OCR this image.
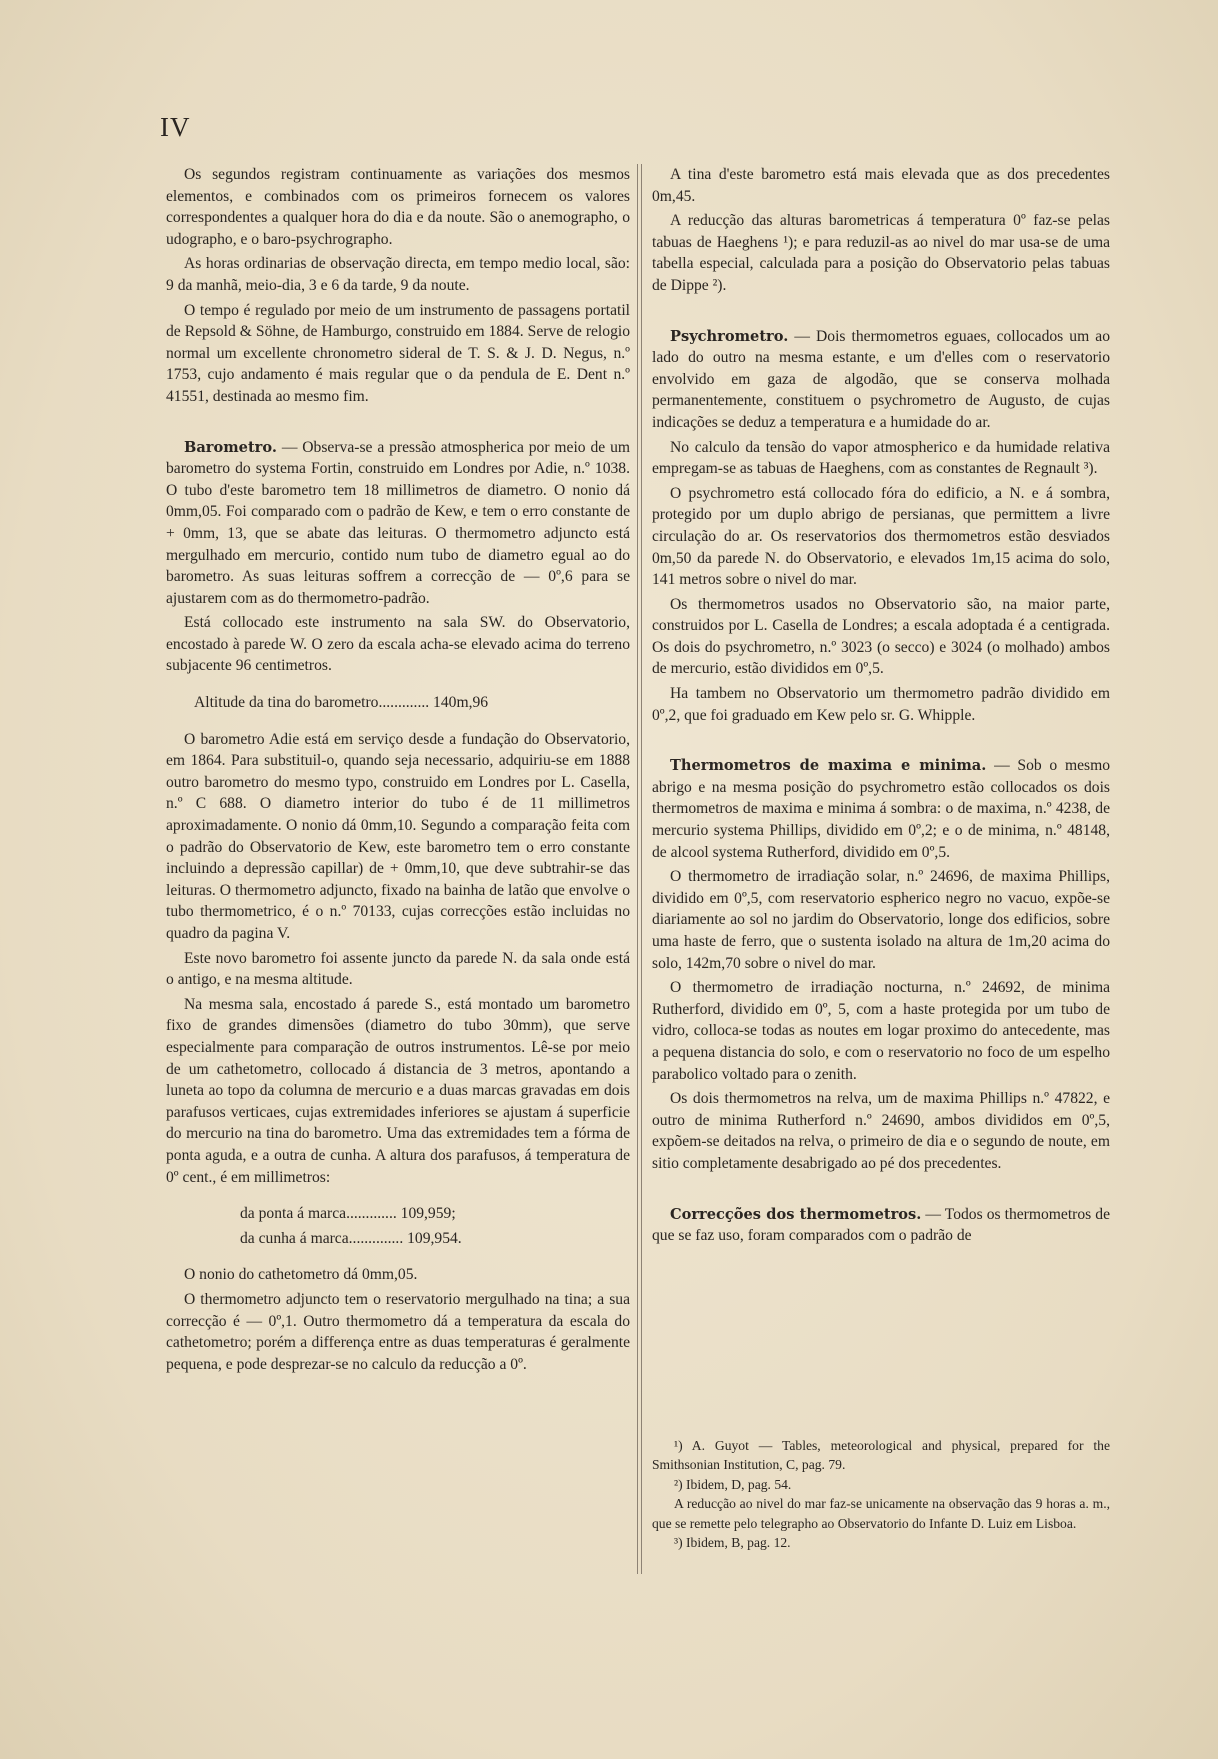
IV

Os segundos registram continuamente as variações dos mesmos elementos, e combinados com os primeiros fornecem os valores correspondentes a qualquer hora do dia e da noute. São o anemographo, o udographo, e o baro-psychrographo.

As horas ordinarias de observação directa, em tempo medio local, são: 9 da manhã, meio-dia, 3 e 6 da tarde, 9 da noute.

O tempo é regulado por meio de um instrumento de passagens portatil de Repsold & Söhne, de Hamburgo, construido em 1884. Serve de relogio normal um excellente chronometro sideral de T. S. & J. D. Negus, n.º 1753, cujo andamento é mais regular que o da pendula de E. Dent n.º 41551, destinada ao mesmo fim.

Barometro. — Observa-se a pressão atmospherica por meio de um barometro do systema Fortin, construido em Londres por Adie, n.º 1038. O tubo d'este barometro tem 18 millimetros de diametro. O nonio dá 0mm,05. Foi comparado com o padrão de Kew, e tem o erro constante de + 0mm, 13, que se abate das leituras. O thermometro adjuncto está mergulhado em mercurio, contido num tubo de diametro egual ao do barometro. As suas leituras soffrem a correcção de — 0º,6 para se ajustarem com as do thermometro-padrão.

Está collocado este instrumento na sala SW. do Observatorio, encostado à parede W. O zero da escala acha-se elevado acima do terreno subjacente 96 centimetros.

Altitude da tina do barometro............. 140m,96

O barometro Adie está em serviço desde a fundação do Observatorio, em 1864. Para substituil-o, quando seja necessario, adquiriu-se em 1888 outro barometro do mesmo typo, construido em Londres por L. Casella, n.º C 688. O diametro interior do tubo é de 11 millimetros aproximadamente. O nonio dá 0mm,10. Segundo a comparação feita com o padrão do Observatorio de Kew, este barometro tem o erro constante incluindo a depressão capillar) de + 0mm,10, que deve subtrahir-se das leituras. O thermometro adjuncto, fixado na bainha de latão que envolve o tubo thermometrico, é o n.º 70133, cujas correcções estão incluidas no quadro da pagina V.

Este novo barometro foi assente juncto da parede N. da sala onde está o antigo, e na mesma altitude.

Na mesma sala, encostado á parede S., está montado um barometro fixo de grandes dimensões (diametro do tubo 30mm), que serve especialmente para comparação de outros instrumentos. Lê-se por meio de um cathetometro, collocado á distancia de 3 metros, apontando a luneta ao topo da columna de mercurio e a duas marcas gravadas em dois parafusos verticaes, cujas extremidades inferiores se ajustam á superficie do mercurio na tina do barometro. Uma das extremidades tem a fórma de ponta aguda, e a outra de cunha. A altura dos parafusos, á temperatura de 0º cent., é em millimetros:

da ponta á marca............. 109,959;

da cunha á marca.............. 109,954.

O nonio do cathetometro dá 0mm,05.

O thermometro adjuncto tem o reservatorio mergulhado na tina; a sua correcção é — 0º,1. Outro thermometro dá a temperatura da escala do cathetometro; porém a differença entre as duas temperaturas é geralmente pequena, e pode desprezar-se no calculo da reducção a 0º.

A tina d'este barometro está mais elevada que as dos precedentes 0m,45.

A reducção das alturas barometricas á temperatura 0º faz-se pelas tabuas de Haeghens ¹); e para reduzil-as ao nivel do mar usa-se de uma tabella especial, calculada para a posição do Observatorio pelas tabuas de Dippe ²).

Psychrometro. — Dois thermometros eguaes, collocados um ao lado do outro na mesma estante, e um d'elles com o reservatorio envolvido em gaza de algodão, que se conserva molhada permanentemente, constituem o psychrometro de Augusto, de cujas indicações se deduz a temperatura e a humidade do ar.

No calculo da tensão do vapor atmospherico e da humidade relativa empregam-se as tabuas de Haeghens, com as constantes de Regnault ³).

O psychrometro está collocado fóra do edificio, a N. e á sombra, protegido por um duplo abrigo de persianas, que permittem a livre circulação do ar. Os reservatorios dos thermometros estão desviados 0m,50 da parede N. do Observatorio, e elevados 1m,15 acima do solo, 141 metros sobre o nivel do mar.

Os thermometros usados no Observatorio são, na maior parte, construidos por L. Casella de Londres; a escala adoptada é a centigrada. Os dois do psychrometro, n.º 3023 (o secco) e 3024 (o molhado) ambos de mercurio, estão divididos em 0º,5.

Ha tambem no Observatorio um thermometro padrão dividido em 0º,2, que foi graduado em Kew pelo sr. G. Whipple.

Thermometros de maxima e minima. — Sob o mesmo abrigo e na mesma posição do psychrometro estão collocados os dois thermometros de maxima e minima á sombra: o de maxima, n.º 4238, de mercurio systema Phillips, dividido em 0º,2; e o de minima, n.º 48148, de alcool systema Rutherford, dividido em 0º,5.

O thermometro de irradiação solar, n.º 24696, de maxima Phillips, dividido em 0º,5, com reservatorio espherico negro no vacuo, expõe-se diariamente ao sol no jardim do Observatorio, longe dos edificios, sobre uma haste de ferro, que o sustenta isolado na altura de 1m,20 acima do solo, 142m,70 sobre o nivel do mar.

O thermometro de irradiação nocturna, n.º 24692, de minima Rutherford, dividido em 0º, 5, com a haste protegida por um tubo de vidro, colloca-se todas as noutes em logar proximo do antecedente, mas a pequena distancia do solo, e com o reservatorio no foco de um espelho parabolico voltado para o zenith.

Os dois thermometros na relva, um de maxima Phillips n.º 47822, e outro de minima Rutherford n.º 24690, ambos divididos em 0º,5, expõem-se deitados na relva, o primeiro de dia e o segundo de noute, em sitio completamente desabrigado ao pé dos precedentes.

Correcções dos thermometros. — Todos os thermometros de que se faz uso, foram comparados com o padrão de

¹) A. Guyot — Tables, meteorological and physical, prepared for the Smithsonian Institution, C, pag. 79.

²) Ibidem, D, pag. 54.

A reducção ao nivel do mar faz-se unicamente na observação das 9 horas a. m., que se remette pelo telegrapho ao Observatorio do Infante D. Luiz em Lisboa.

³) Ibidem, B, pag. 12.
